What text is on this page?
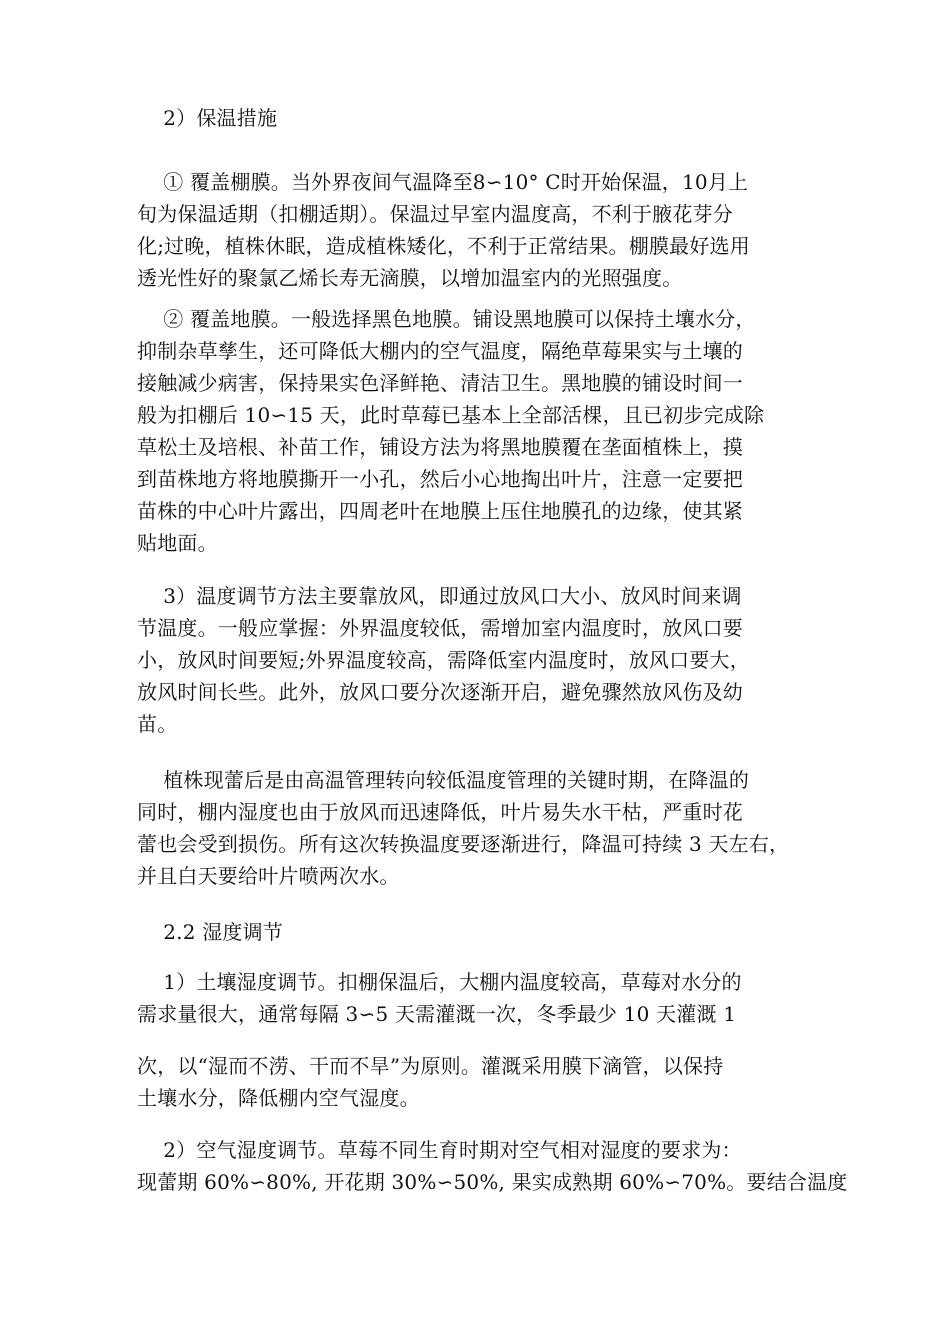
2）保温措施
① 覆盖棚膜。当外界夜间气温降至8∽10° C时开始保温，10月上
旬为保温适期（扣棚适期）。保温过早室内温度高，不利于腋花芽分
化;过晚，植株休眠，造成植株矮化，不利于正常结果。棚膜最好选用
透光性好的聚氯乙烯长寿无滴膜，以增加温室内的光照强度。
② 覆盖地膜。一般选择黑色地膜。铺设黑地膜可以保持土壤水分，
抑制杂草孳生，还可降低大棚内的空气温度，隔绝草莓果实与土壤的
接触减少病害，保持果实色泽鲜艳、清洁卫生。黑地膜的铺设时间一
般为扣棚后 10∽15 天，此时草莓已基本上全部活棵，且已初步完成除
草松土及培根、补苗工作，铺设方法为将黑地膜覆在垄面植株上，摸
到苗株地方将地膜撕开一小孔，然后小心地掏出叶片，注意一定要把
苗株的中心叶片露出，四周老叶在地膜上压住地膜孔的边缘，使其紧
贴地面。
3）温度调节方法主要靠放风，即通过放风口大小、放风时间来调
节温度。一般应掌握：外界温度较低，需增加室内温度时，放风口要
小，放风时间要短;外界温度较高，需降低室内温度时，放风口要大，
放风时间长些。此外，放风口要分次逐渐开启，避免骤然放风伤及幼
苗。
植株现蕾后是由高温管理转向较低温度管理的关键时期，在降温的
同时，棚内湿度也由于放风而迅速降低，叶片易失水干枯，严重时花
蕾也会受到损伤。所有这次转换温度要逐渐进行，降温可持续 3 天左右，
并且白天要给叶片喷两次水。
2.2 湿度调节
1）土壤湿度调节。扣棚保温后，大棚内温度较高，草莓对水分的
需求量很大，通常每隔 3∽5 天需灌溉一次，冬季最少 10 天灌溉 1
次，以“湿而不涝、干而不旱”为原则。灌溉采用膜下滴管，以保持
土壤水分，降低棚内空气湿度。
2）空气湿度调节。草莓不同生育时期对空气相对湿度的要求为：
现蕾期 60%∽80%, 开花期 30%∽50%, 果实成熟期 60%∽70%。要结合温度
